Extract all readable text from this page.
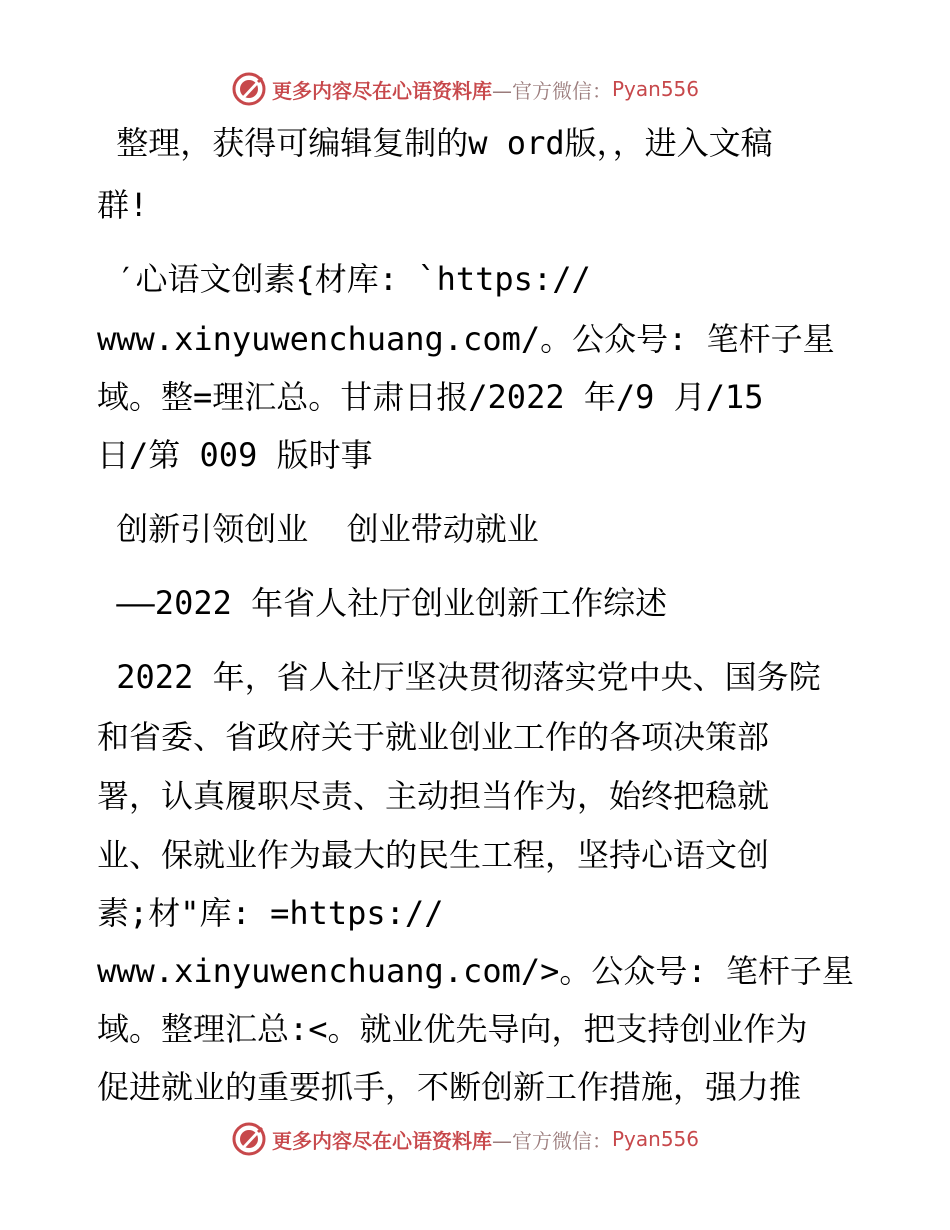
更多内容尽在心语资料库 —官方微信： Pyan556
整理，获得可编辑复制的w ord版，，进入文稿
群!
′心语文创素{材库: `https://
www.xinyuwenchuang.com/。公众号: 笔杆子星
域。整=理汇总。甘肃日报/2022 年/9 月/15
日/第 009 版时事
创新引领创业  创业带动就业
——2022 年省人社厅创业创新工作综述
2022 年，省人社厅坚决贯彻落实党中央、国务院
和省委、省政府关于就业创业工作的各项决策部
署，认真履职尽责、主动担当作为，始终把稳就
业、保就业作为最大的民生工程，坚持心语文创
素;材"库: =https://
www.xinyuwenchuang.com/>。公众号: 笔杆子星
域。整理汇总:<。就业优先导向，把支持创业作为
促进就业的重要抓手，不断创新工作措施，强力推
更多内容尽在心语资料库 —官方微信： Pyan556
